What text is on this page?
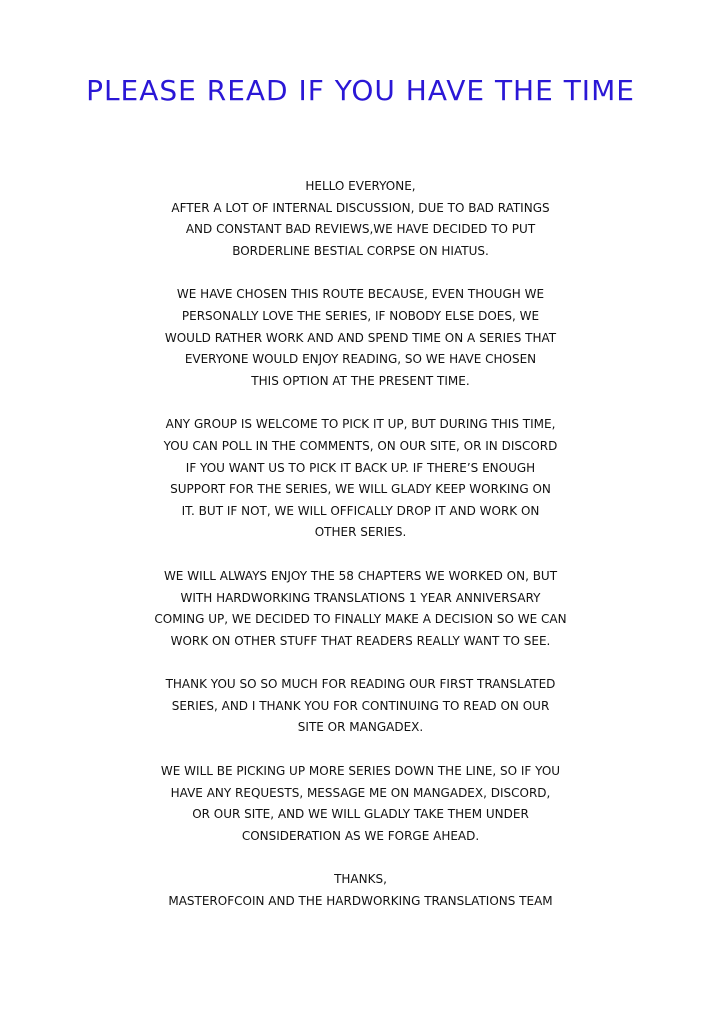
PLEASE READ IF YOU HAVE THE TIME

HELLO EVERYONE,
AFTER A LOT OF INTERNAL DISCUSSION, DUE TO BAD RATINGS
AND CONSTANT BAD REVIEWS,WE HAVE DECIDED TO PUT
BORDERLINE BESTIAL CORPSE ON HIATUS.

WE HAVE CHOSEN THIS ROUTE BECAUSE, EVEN THOUGH WE
PERSONALLY LOVE THE SERIES, IF NOBODY ELSE DOES, WE
WOULD RATHER WORK AND AND SPEND TIME ON A SERIES THAT
EVERYONE WOULD ENJOY READING, SO WE HAVE CHOSEN
THIS OPTION AT THE PRESENT TIME.

ANY GROUP IS WELCOME TO PICK IT UP, BUT DURING THIS TIME,
YOU CAN POLL IN THE COMMENTS, ON OUR SITE, OR IN DISCORD
IF YOU WANT US TO PICK IT BACK UP. IF THERE’S ENOUGH
SUPPORT FOR THE SERIES, WE WILL GLADY KEEP WORKING ON
IT. BUT IF NOT, WE WILL OFFICALLY DROP IT AND WORK ON
OTHER SERIES.

WE WILL ALWAYS ENJOY THE 58 CHAPTERS WE WORKED ON, BUT
WITH HARDWORKING TRANSLATIONS 1 YEAR ANNIVERSARY
COMING UP, WE DECIDED TO FINALLY MAKE A DECISION SO WE CAN
WORK ON OTHER STUFF THAT READERS REALLY WANT TO SEE.

THANK YOU SO SO MUCH FOR READING OUR FIRST TRANSLATED
SERIES, AND I THANK YOU FOR CONTINUING TO READ ON OUR
SITE OR MANGADEX.

WE WILL BE PICKING UP MORE SERIES DOWN THE LINE, SO IF YOU
HAVE ANY REQUESTS, MESSAGE ME ON MANGADEX, DISCORD,
OR OUR SITE, AND WE WILL GLADLY TAKE THEM UNDER
CONSIDERATION AS WE FORGE AHEAD.

THANKS,
MASTEROFCOIN AND THE HARDWORKING TRANSLATIONS TEAM
